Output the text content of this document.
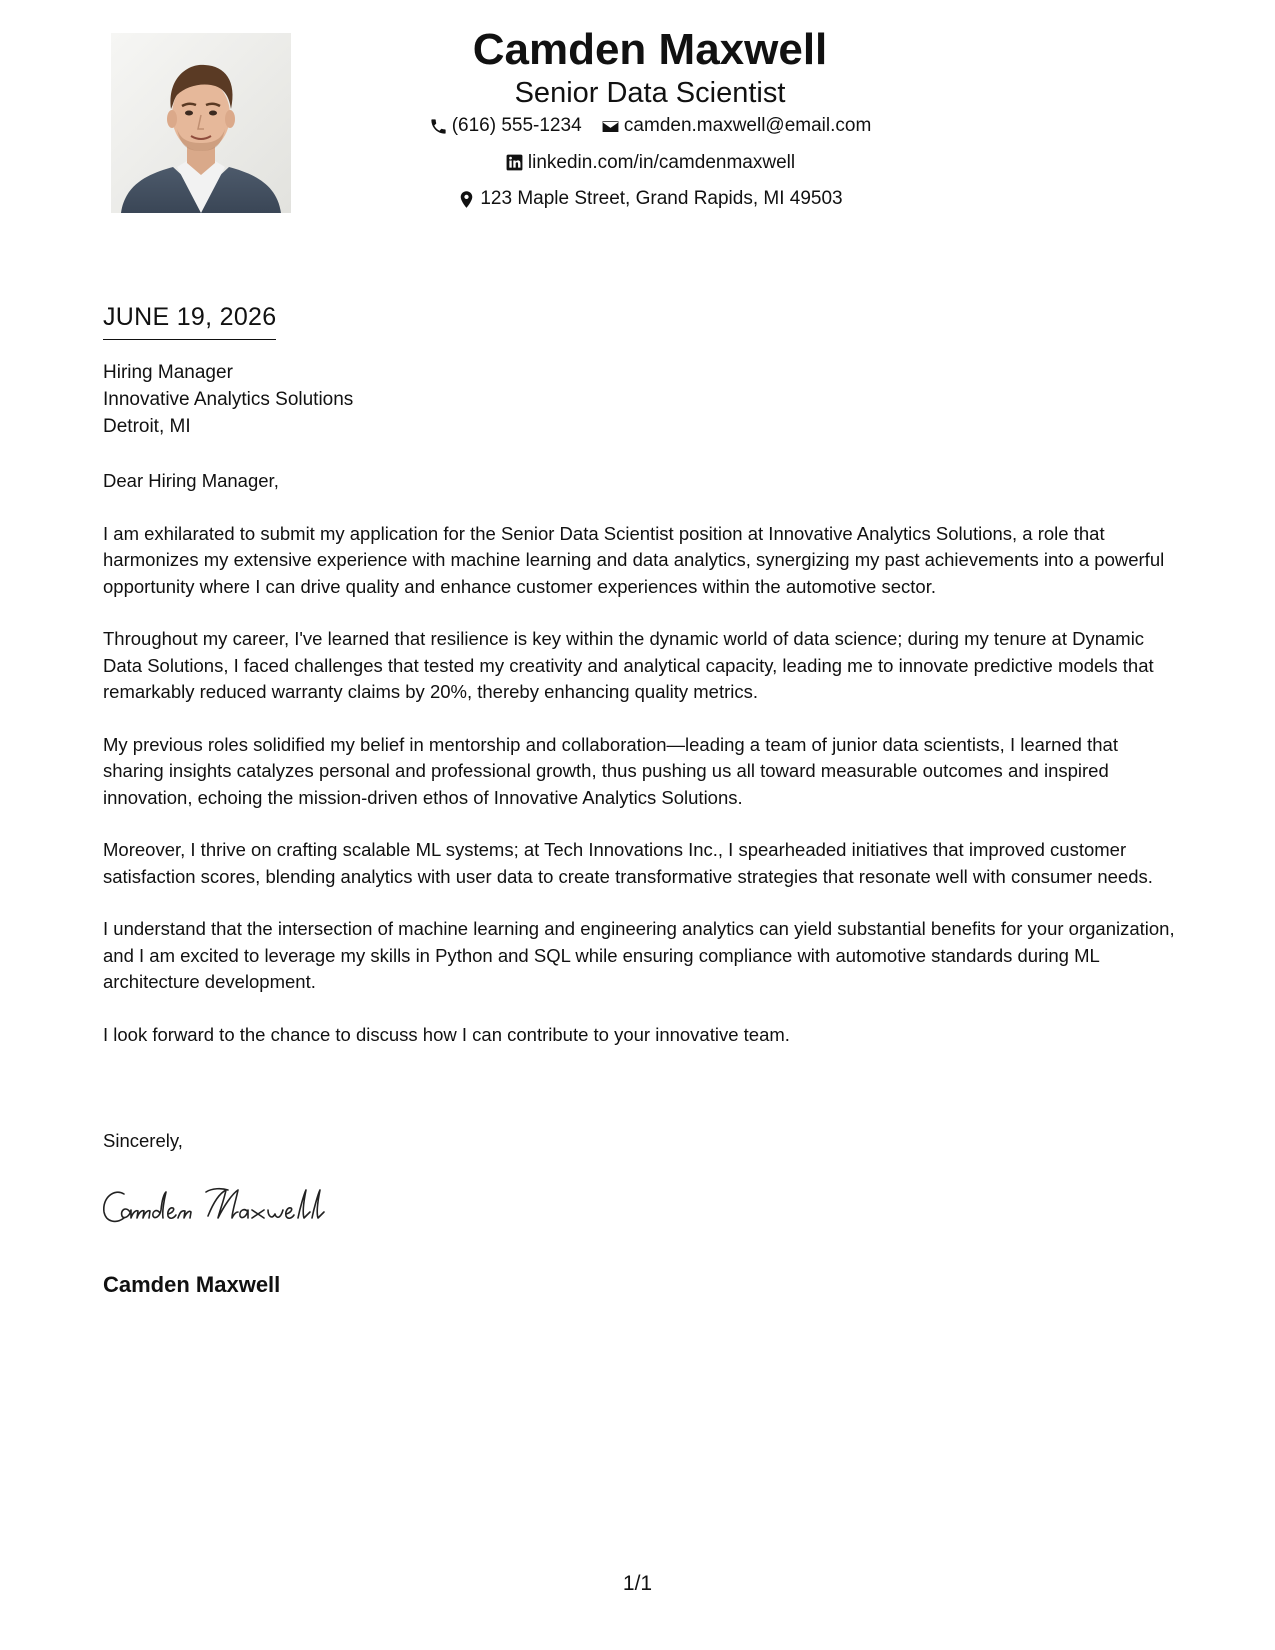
Camden Maxwell
Senior Data Scientist
(616) 555-1234
camden.maxwell@email.com
linkedin.com/in/camdenmaxwell
123 Maple Street, Grand Rapids, MI 49503
JUNE 19, 2026
Hiring Manager
Innovative Analytics Solutions
Detroit, MI

Dear Hiring Manager,

I am exhilarated to submit my application for the Senior Data Scientist position at Innovative Analytics Solutions, a role that harmonizes my extensive experience with machine learning and data analytics, synergizing my past achievements into a powerful opportunity where I can drive quality and enhance customer experiences within the automotive sector.

Throughout my career, I've learned that resilience is key within the dynamic world of data science; during my tenure at Dynamic Data Solutions, I faced challenges that tested my creativity and analytical capacity, leading me to innovate predictive models that remarkably reduced warranty claims by 20%, thereby enhancing quality metrics.

My previous roles solidified my belief in mentorship and collaboration—leading a team of junior data scientists, I learned that sharing insights catalyzes personal and professional growth, thus pushing us all toward measurable outcomes and inspired innovation, echoing the mission-driven ethos of Innovative Analytics Solutions.

Moreover, I thrive on crafting scalable ML systems; at Tech Innovations Inc., I spearheaded initiatives that improved customer satisfaction scores, blending analytics with user data to create transformative strategies that resonate well with consumer needs.

I understand that the intersection of machine learning and engineering analytics can yield substantial benefits for your organization, and I am excited to leverage my skills in Python and SQL while ensuring compliance with automotive standards during ML architecture development.

I look forward to the chance to discuss how I can contribute to your innovative team.

Sincerely,
Camden Maxwell
1/1
